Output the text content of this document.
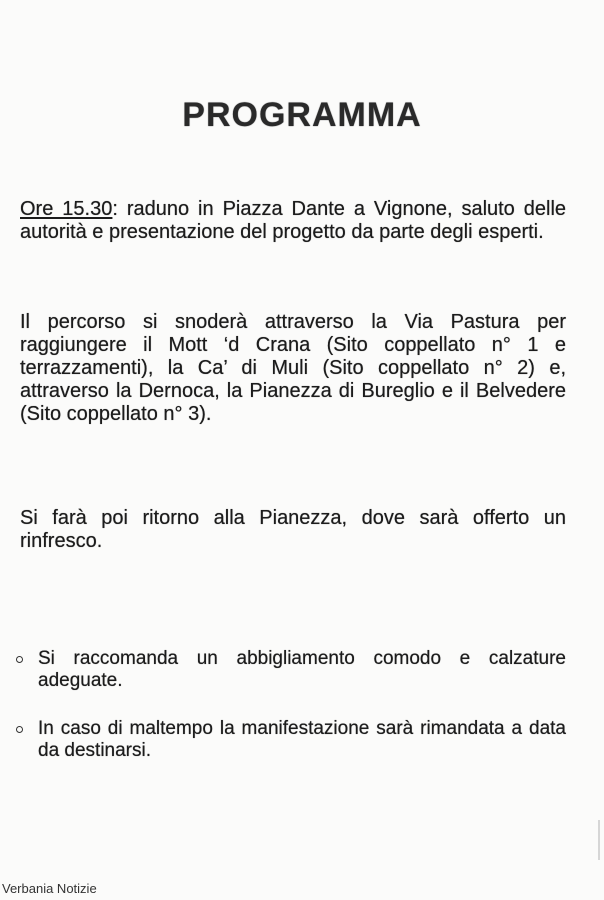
PROGRAMMA
Ore 15.30: raduno in Piazza Dante a Vignone, saluto delle autorità e presentazione del progetto da parte degli esperti.
Il percorso si snoderà attraverso la Via Pastura per raggiungere il Mott ‘d Crana (Sito coppellato n° 1 e terrazzamenti), la Ca’ di Muli (Sito coppellato n° 2) e, attraverso la Dernoca, la Pianezza di Bureglio e il Belvedere (Sito coppellato n° 3).
Si farà poi ritorno alla Pianezza, dove sarà offerto un rinfresco.
Si raccomanda un abbigliamento comodo e calzature adeguate.
In caso di maltempo la manifestazione sarà rimandata a data da destinarsi.
Verbania Notizie
